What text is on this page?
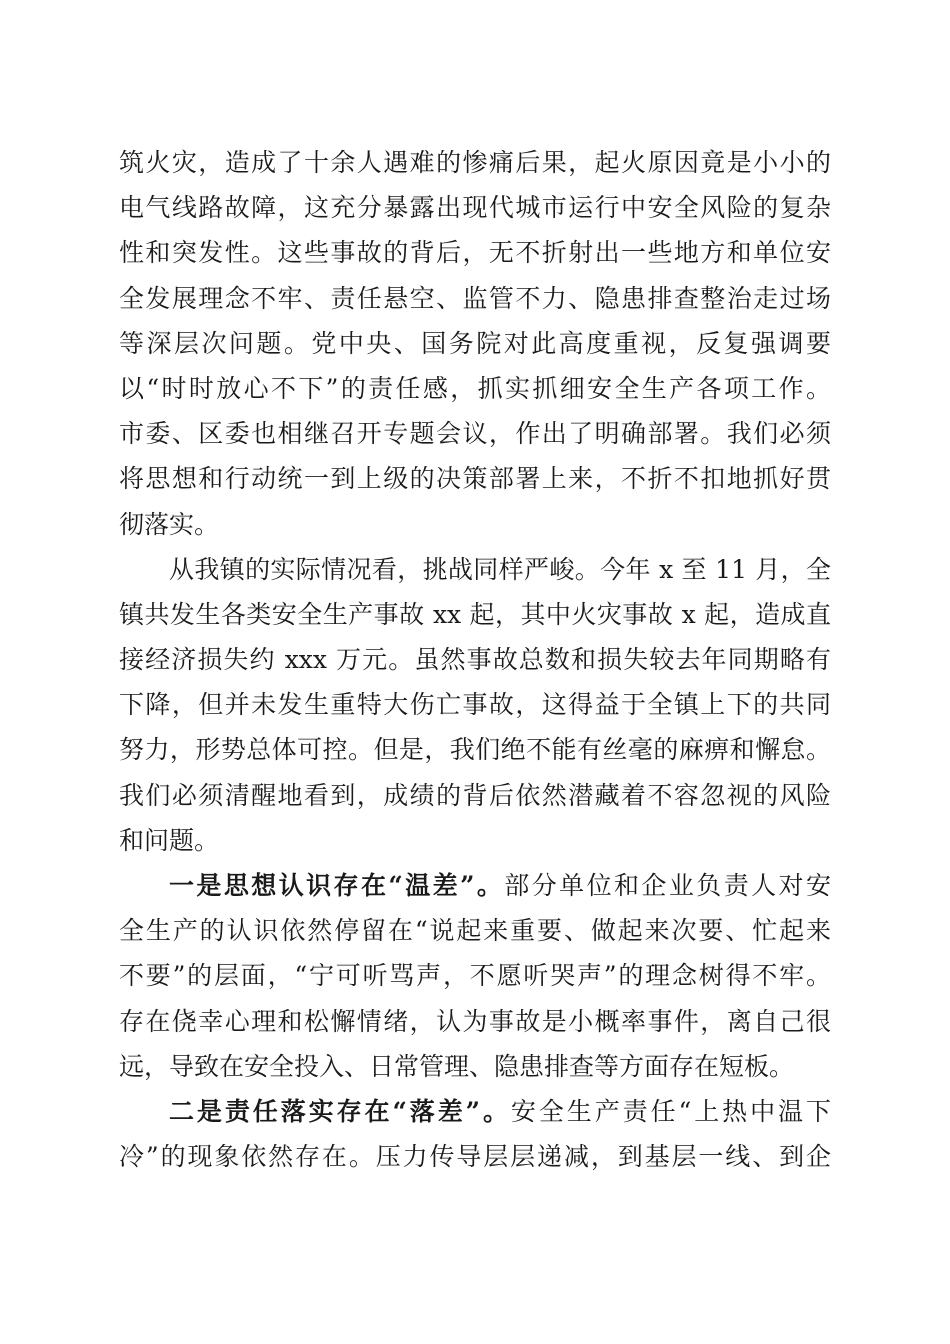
筑火灾，造成了十余人遇难的惨痛后果，起火原因竟是小小的
电气线路故障，这充分暴露出现代城市运行中安全风险的复杂
性和突发性。这些事故的背后，无不折射出一些地方和单位安
全发展理念不牢、责任悬空、监管不力、隐患排查整治走过场
等深层次问题。党中央、国务院对此高度重视，反复强调要
以“时时放心不下”的责任感，抓实抓细安全生产各项工作。
市委、区委也相继召开专题会议，作出了明确部署。我们必须
将思想和行动统一到上级的决策部署上来，不折不扣地抓好贯
彻落实。
从我镇的实际情况看，挑战同样严峻。今年 x 至 11 月，全
镇共发生各类安全生产事故 xx 起，其中火灾事故 x 起，造成直
接经济损失约 xxx 万元。虽然事故总数和损失较去年同期略有
下降，但并未发生重特大伤亡事故，这得益于全镇上下的共同
努力，形势总体可控。但是，我们绝不能有丝毫的麻痹和懈怠。
我们必须清醒地看到，成绩的背后依然潜藏着不容忽视的风险
和问题。
一是思想认识存在“温差”。部分单位和企业负责人对安
全生产的认识依然停留在“说起来重要、做起来次要、忙起来
不要”的层面，“宁可听骂声，不愿听哭声”的理念树得不牢。
存在侥幸心理和松懈情绪，认为事故是小概率事件，离自己很
远，导致在安全投入、日常管理、隐患排查等方面存在短板。
二是责任落实存在“落差”。安全生产责任“上热中温下
冷”的现象依然存在。压力传导层层递减，到基层一线、到企
